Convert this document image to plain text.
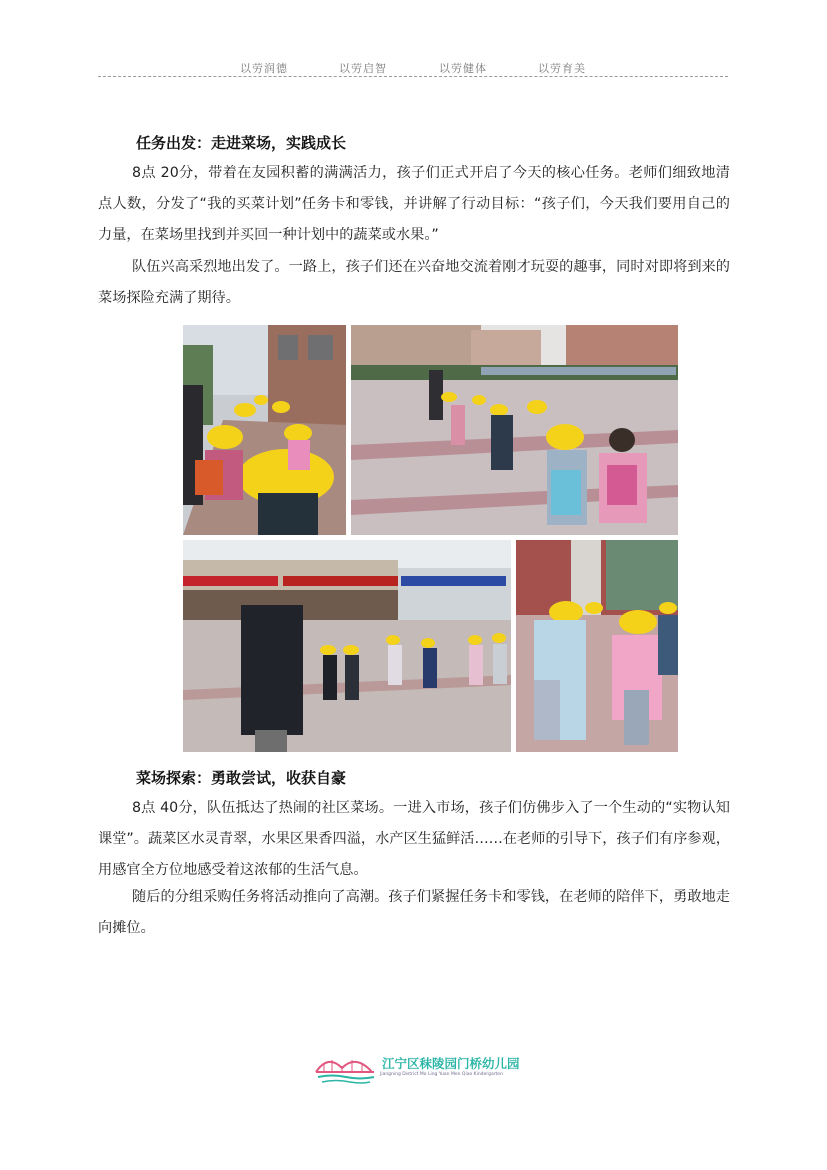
以劳润德	以劳启智	以劳健体	以劳育美
任务出发：走进菜场，实践成长
8点 20分，带着在友园积蓄的满满活力，孩子们正式开启了今天的核心任务。老师们细致地清点人数，分发了“我的买菜计划”任务卡和零钱，并讲解了行动目标：“孩子们，今天我们要用自己的力量，在菜场里找到并买回一种计划中的蔬菜或水果。”
队伍兴高采烈地出发了。一路上，孩子们还在兴奋地交流着刚才玩耍的趣事，同时对即将到来的菜场探险充满了期待。
菜场探索：勇敢尝试，收获自豪
8点 40分，队伍抵达了热闹的社区菜场。一进入市场，孩子们仿佛步入了一个生动的“实物认知课堂”。蔬菜区水灵青翠，水果区果香四溢，水产区生猛鲜活……在老师的引导下，孩子们有序参观，用感官全方位地感受着这浓郁的生活气息。
随后的分组采购任务将活动推向了高潮。孩子们紧握任务卡和零钱，在老师的陪伴下，勇敢地走向摊位。
江宁区秣陵园门桥幼儿园
Jiangning District Mo Ling Yuan Men Qiao Kindergarten
